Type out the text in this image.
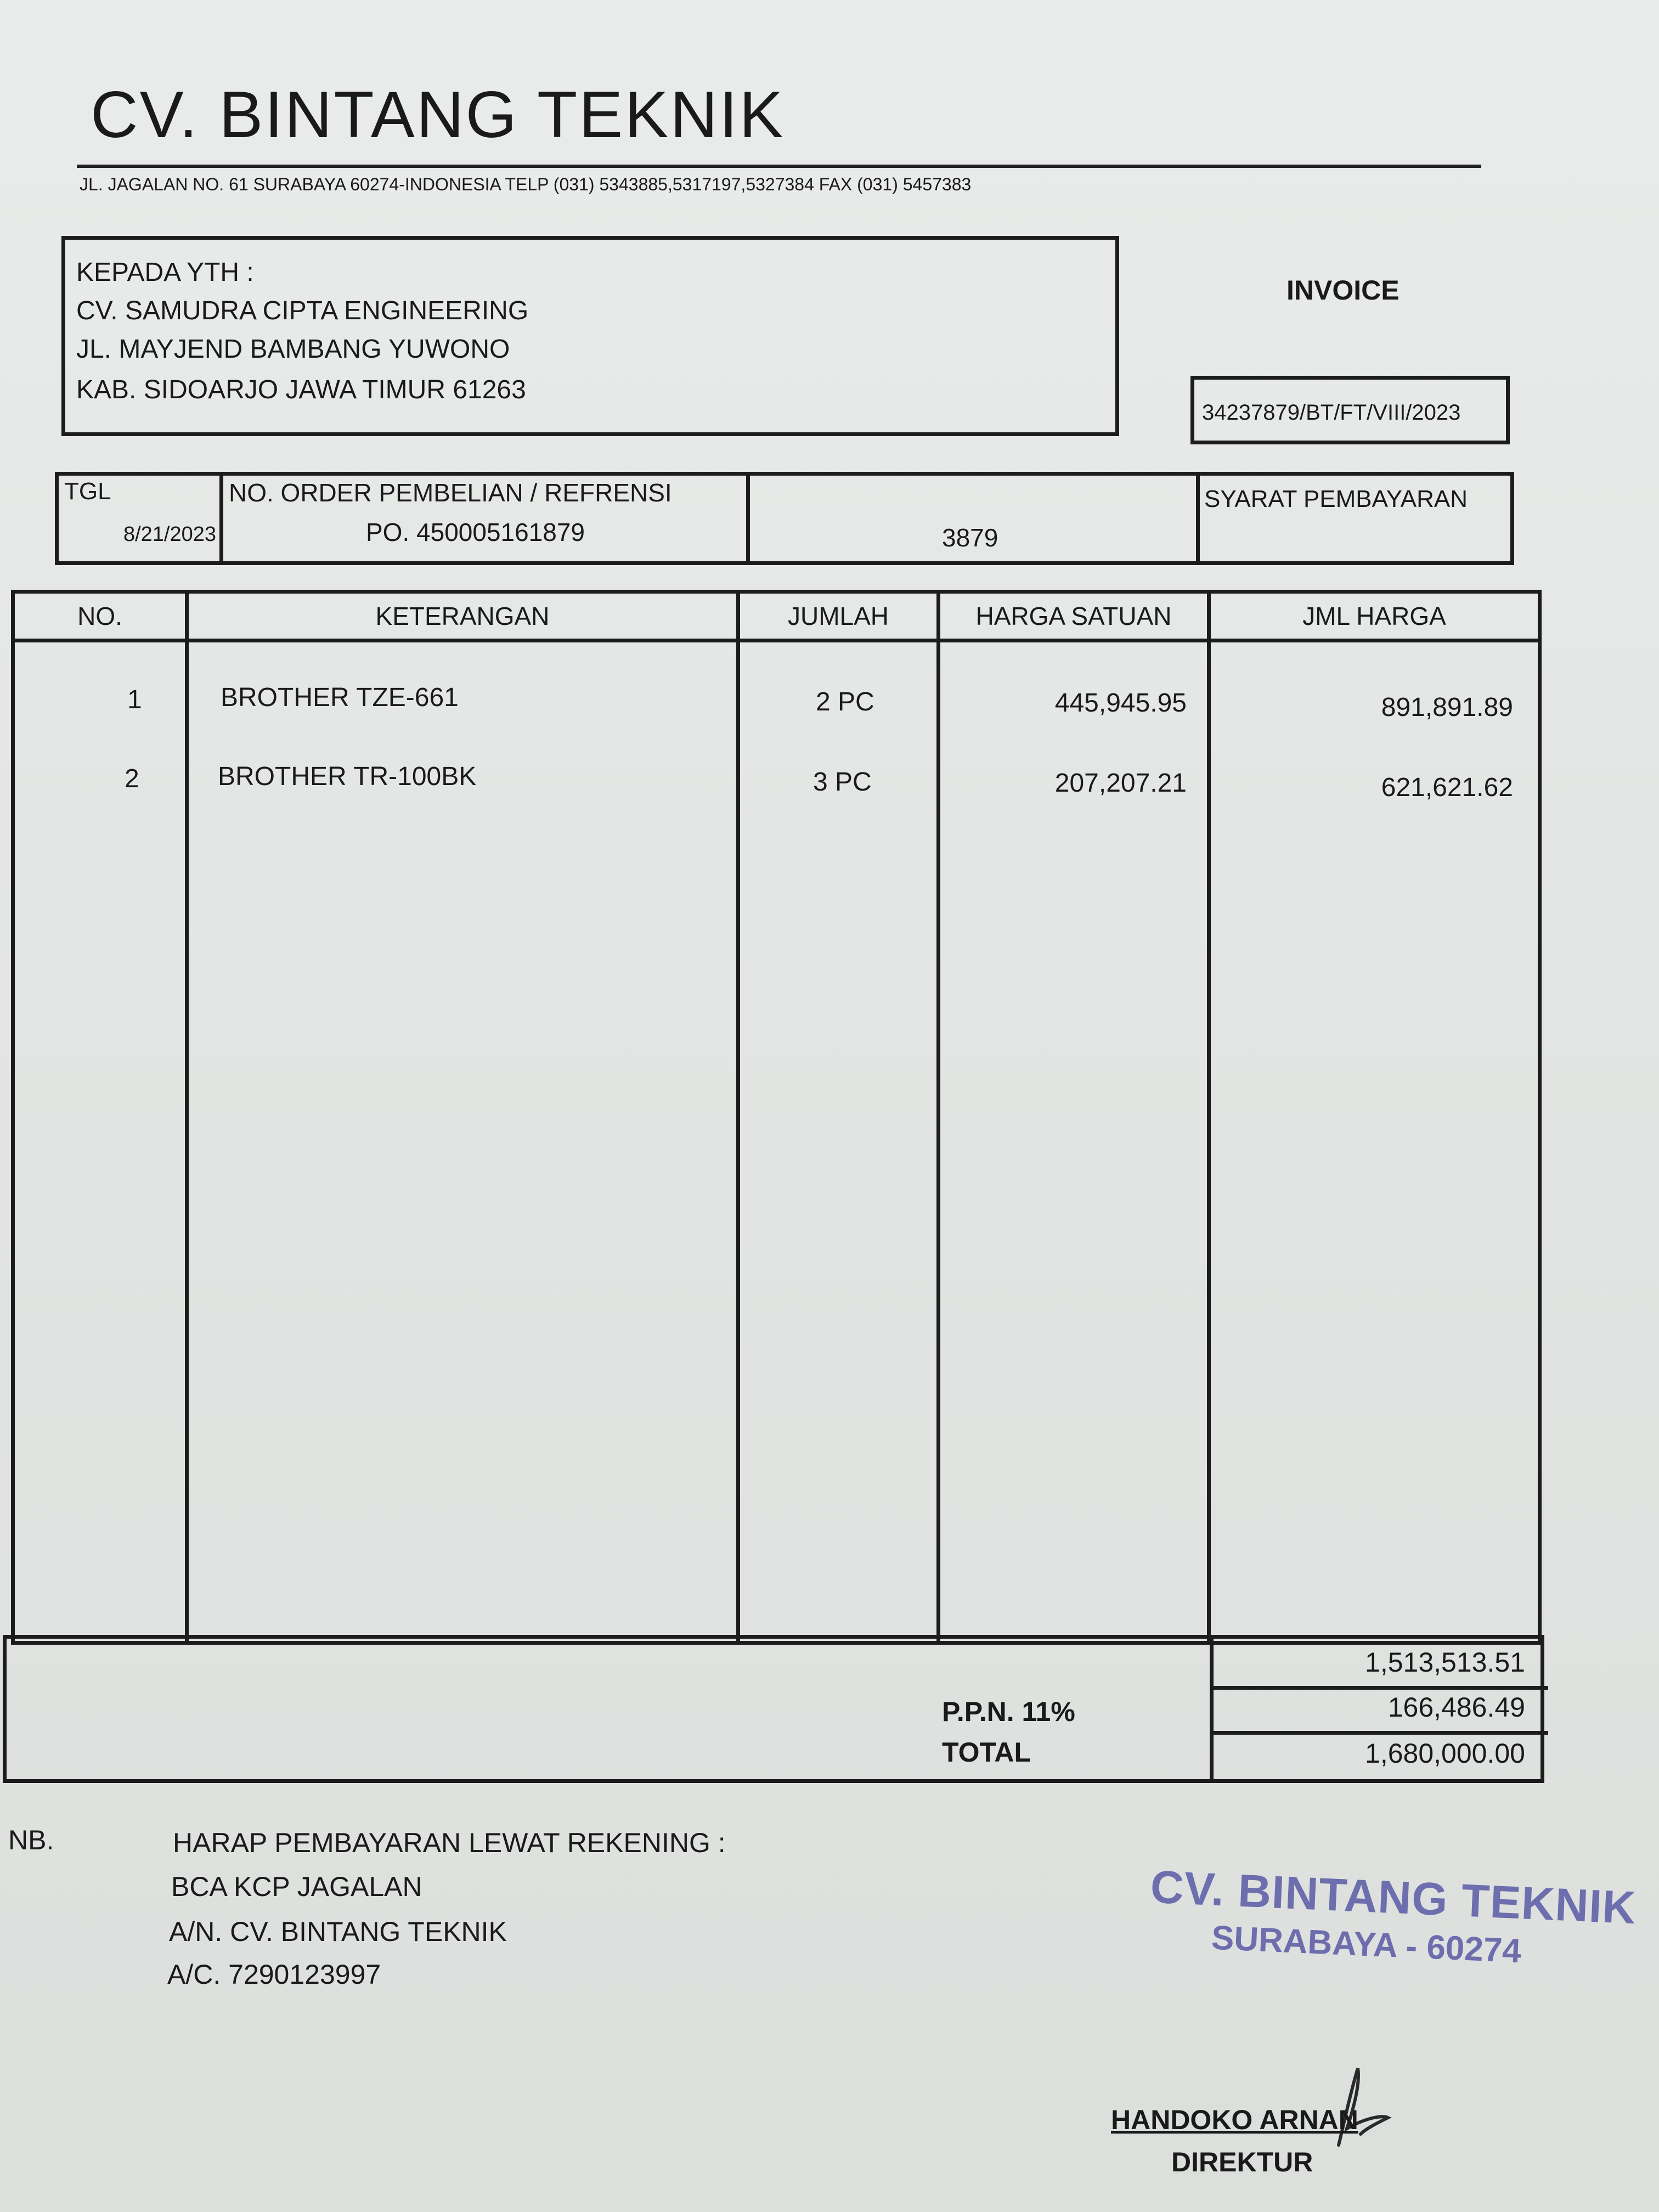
CV. BINTANG TEKNIK
JL. JAGALAN NO. 61 SURABAYA 60274-INDONESIA TELP (031) 5343885,5317197,5327384 FAX (031) 5457383
KEPADA YTH :
CV. SAMUDRA CIPTA ENGINEERING
JL. MAYJEND BAMBANG YUWONO
KAB. SIDOARJO JAWA TIMUR 61263
INVOICE
34237879/BT/FT/VIII/2023
TGL
8/21/2023
NO. ORDER PEMBELIAN / REFRENSI
PO. 450005161879	3879
SYARAT PEMBAYARAN
NO.	KETERANGAN	JUMLAH	HARGA SATUAN	JML HARGA
1	BROTHER TZE-661	2 PC	445,945.95	891,891.89
2	BROTHER TR-100BK	3 PC	207,207.21	621,621.62
1,513,513.51
P.P.N. 11%	166,486.49
TOTAL	1,680,000.00
NB.	HARAP PEMBAYARAN LEWAT REKENING :
BCA KCP JAGALAN
A/N. CV. BINTANG TEKNIK
A/C. 7290123997
CV. BINTANG TEKNIK
SURABAYA - 60274
HANDOKO ARNAN
DIREKTUR
